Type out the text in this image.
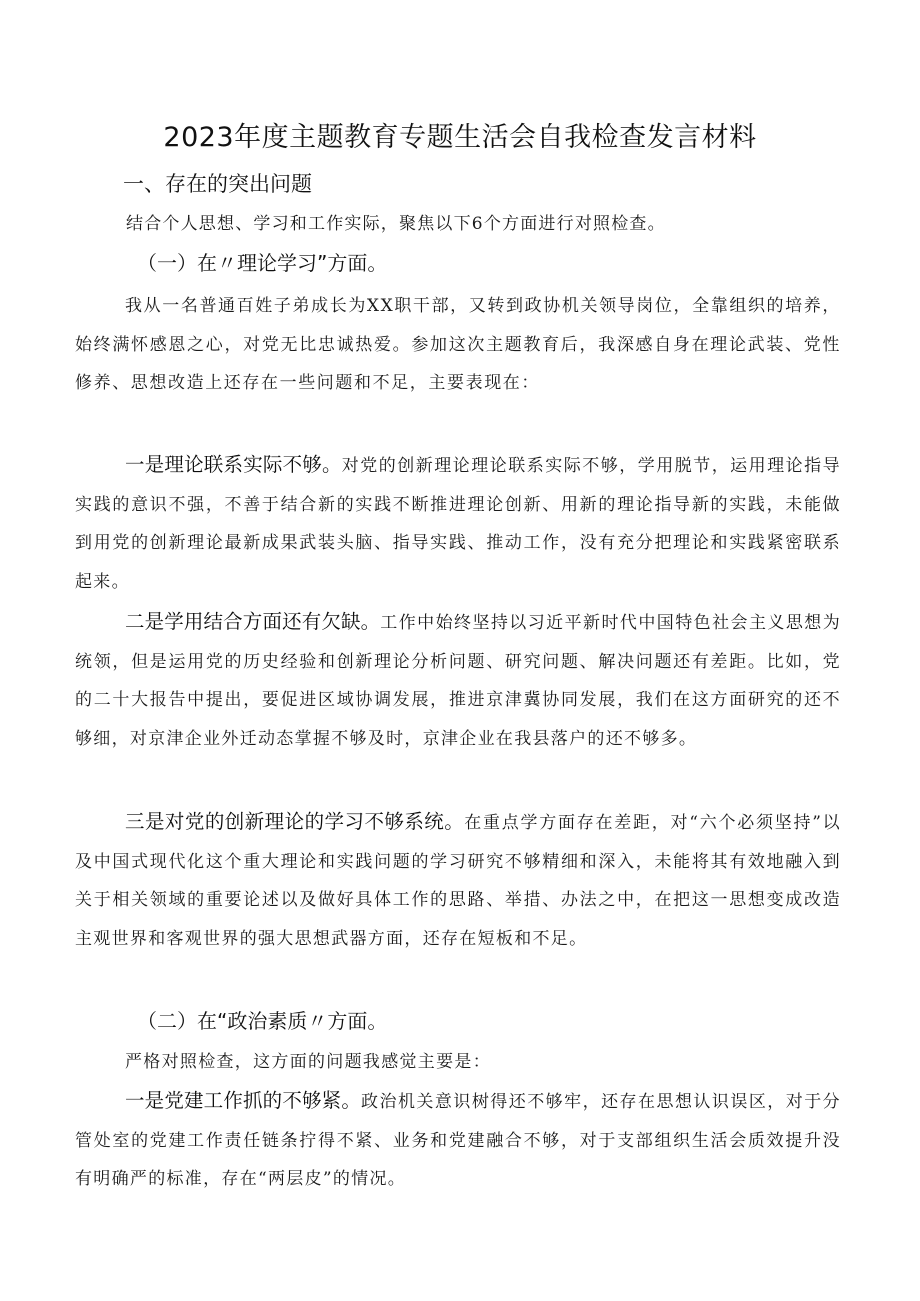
2023年度主题教育专题生活会自我检查发言材料
一、存在的突出问题
结合个人思想、学习和工作实际，聚焦以下6个方面进行对照检查。
（一）在〃理论学习”方面。
我从一名普通百姓子弟成长为XX职干部，又转到政协机关领导岗位，全靠组织的培养，始终满怀感恩之心，对党无比忠诚热爱。参加这次主题教育后，我深感自身在理论武装、党性修养、思想改造上还存在一些问题和不足，主要表现在：
一是理论联系实际不够。对党的创新理论理论联系实际不够，学用脱节，运用理论指导实践的意识不强，不善于结合新的实践不断推进理论创新、用新的理论指导新的实践，未能做到用党的创新理论最新成果武装头脑、指导实践、推动工作，没有充分把理论和实践紧密联系起来。
二是学用结合方面还有欠缺。工作中始终坚持以习近平新时代中国特色社会主义思想为统领，但是运用党的历史经验和创新理论分析问题、研究问题、解决问题还有差距。比如，党的二十大报告中提出，要促进区域协调发展，推进京津冀协同发展，我们在这方面研究的还不够细，对京津企业外迁动态掌握不够及时，京津企业在我县落户的还不够多。
三是对党的创新理论的学习不够系统。在重点学方面存在差距，对“六个必须坚持”以及中国式现代化这个重大理论和实践问题的学习研究不够精细和深入，未能将其有效地融入到关于相关领域的重要论述以及做好具体工作的思路、举措、办法之中，在把这一思想变成改造主观世界和客观世界的强大思想武器方面，还存在短板和不足。
（二）在“政治素质〃方面。
严格对照检查，这方面的问题我感觉主要是：
一是党建工作抓的不够紧。政治机关意识树得还不够牢，还存在思想认识误区，对于分管处室的党建工作责任链条拧得不紧、业务和党建融合不够，对于支部组织生活会质效提升没有明确严的标准，存在“两层皮”的情况。
